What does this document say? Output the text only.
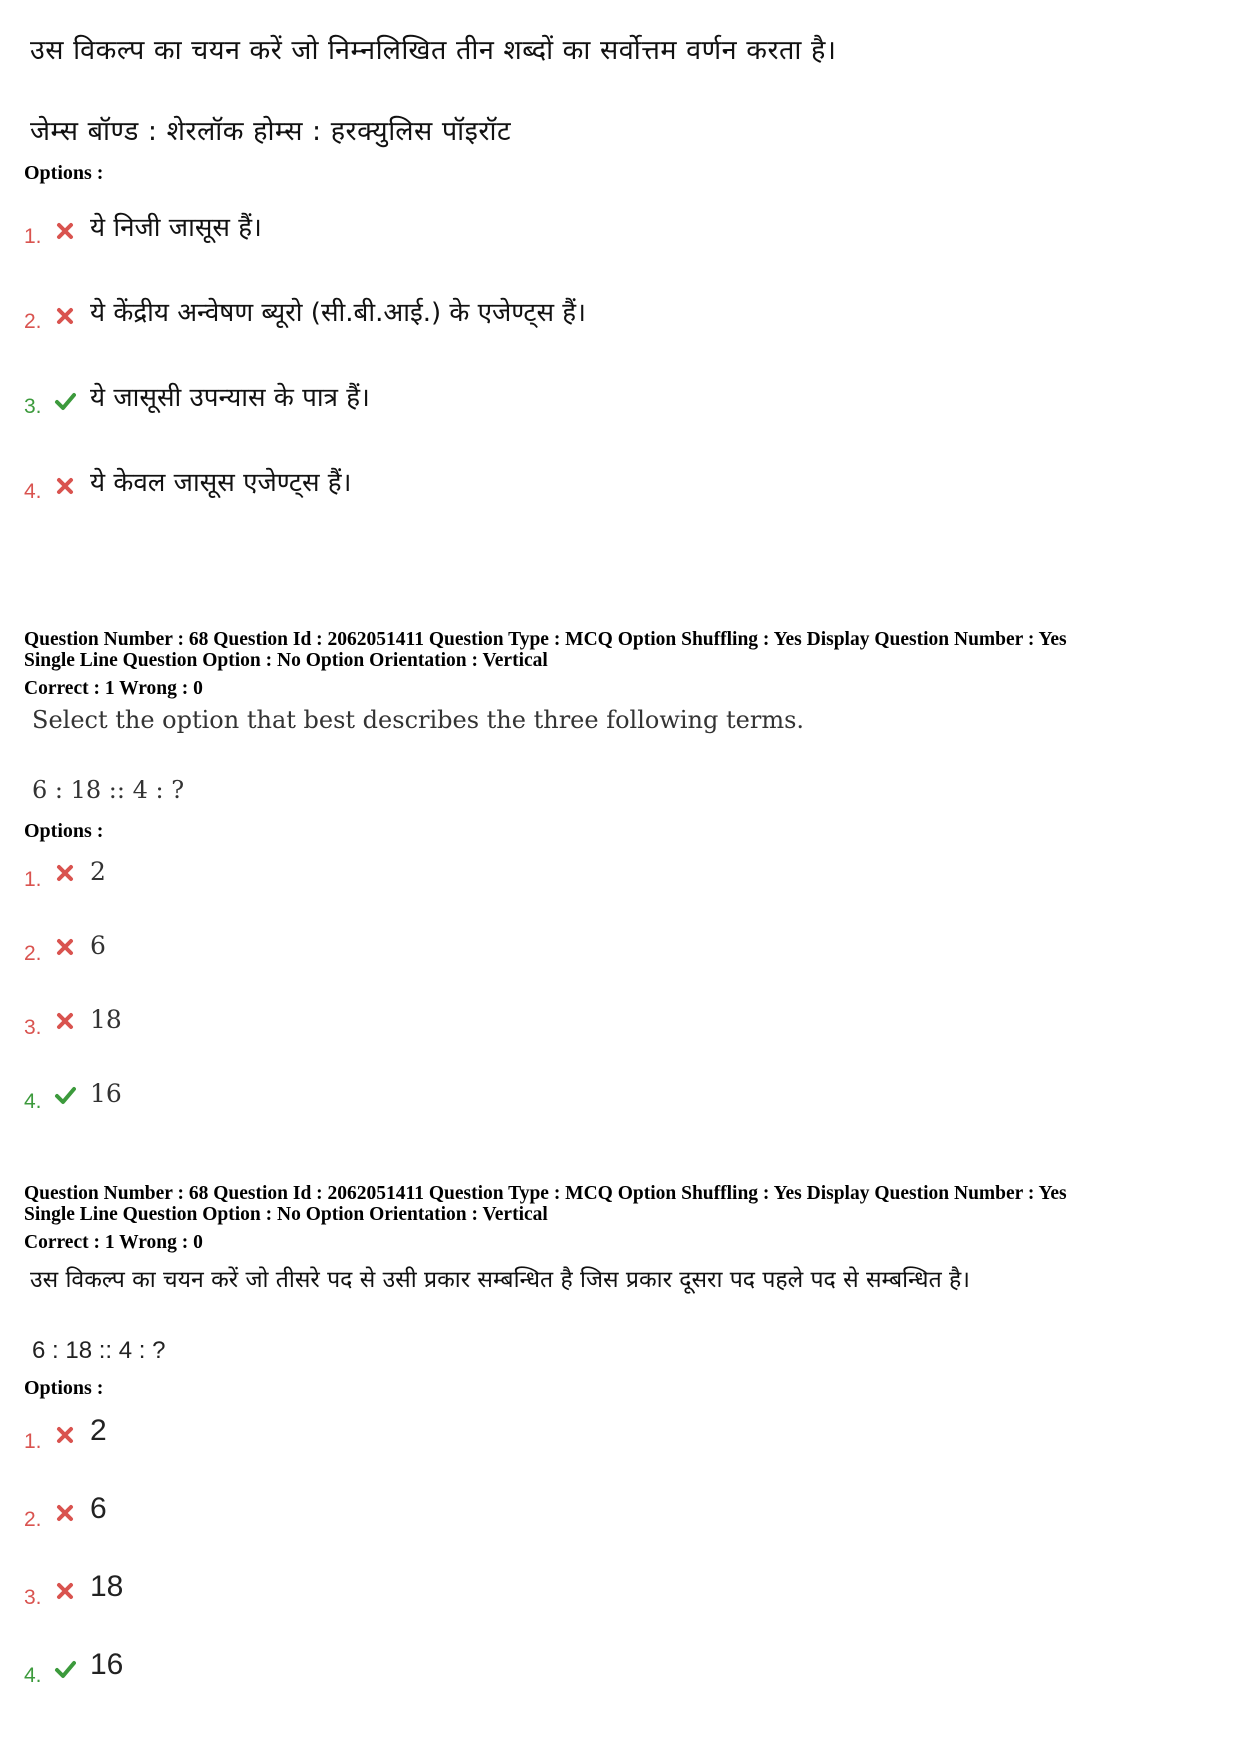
उस विकल्प का चयन करें जो निम्नलिखित तीन शब्दों का सर्वोत्तम वर्णन करता है।
जेम्स बॉण्ड : शेरलॉक होम्स : हरक्युलिस पॉइरॉट
Options :
1. ये निजी जासूस हैं।
2. ये केंद्रीय अन्वेषण ब्यूरो (सी.बी.आई.) के एजेण्ट्स हैं।
3. ये जासूसी उपन्यास के पात्र हैं।
4. ये केवल जासूस एजेण्ट्स हैं।
Question Number : 68 Question Id : 2062051411 Question Type : MCQ Option Shuffling : Yes Display Question Number : Yes
Single Line Question Option : No Option Orientation : Vertical
Correct : 1 Wrong : 0
Select the option that best describes the three following terms.
6 : 18 :: 4 : ?
Options :
1. 2
2. 6
3. 18
4. 16
Question Number : 68 Question Id : 2062051411 Question Type : MCQ Option Shuffling : Yes Display Question Number : Yes
Single Line Question Option : No Option Orientation : Vertical
Correct : 1 Wrong : 0
उस विकल्प का चयन करें जो तीसरे पद से उसी प्रकार सम्बन्धित है जिस प्रकार दूसरा पद पहले पद से सम्बन्धित है।
6 : 18 :: 4 : ?
Options :
1. 2
2. 6
3. 18
4. 16
